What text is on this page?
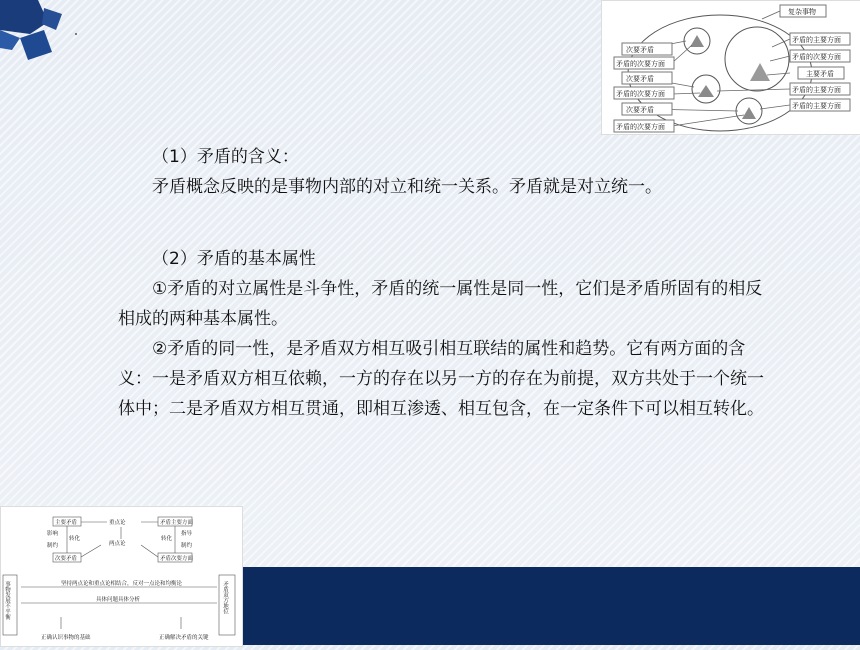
次要矛盾
矛盾的次要方面
次要矛盾
矛盾的次要方面
次要矛盾
矛盾的次要方面
复杂事物
矛盾的主要方面
矛盾的次要方面
主要矛盾
矛盾的主要方面
矛盾的主要方面

（1）矛盾的含义：

矛盾概念反映的是事物内部的对立和统一关系。矛盾就是对立统一。

（2）矛盾的基本属性

①矛盾的对立属性是斗争性，矛盾的统一属性是同一性，它们是矛盾所固有的相反相成的两种基本属性。

②矛盾的同一性，是矛盾双方相互吸引相互联结的属性和趋势。它有两方面的含义：一是矛盾双方相互依赖，一方的存在以另一方的存在为前提，双方共处于一个统一体中；二是矛盾双方相互贯通，即相互渗透、相互包含，在一定条件下可以相互转化。

主要矛盾	重点论	矛盾主要方面
影响
转化
制约	两点论
指导
转化
制约
次要矛盾	矛盾次要方面
坚持两点论和重点论相结合，反对一点论和均衡论
具体问题具体分析
正确认识事物的基础	正确解决矛盾的关键
事物发展不平衡	矛盾双方地位
